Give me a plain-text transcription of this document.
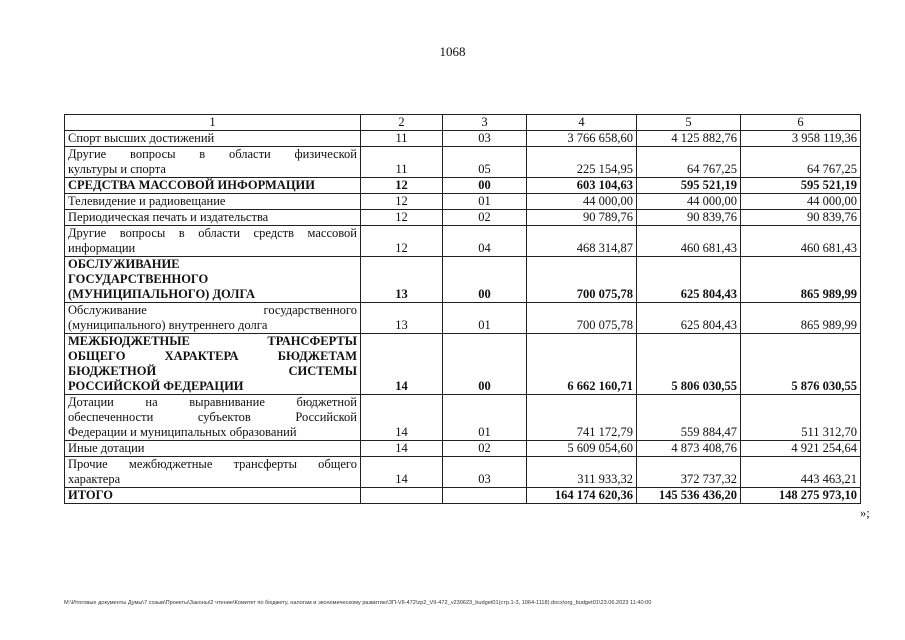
1068
1	2	3	4	5	6

Спорт высших достижений	11	03	3 766 658,60	4 125 882,76	3 958 119,36

Другие вопросы в области физической
культуры и спорта	11	05	225 154,95	64 767,25	64 767,25

СРЕДСТВА МАССОВОЙ ИНФОРМАЦИИ	12	00	603 104,63	595 521,19	595 521,19

Телевидение и радиовещание	12	01	44 000,00	44 000,00	44 000,00

Периодическая печать и издательства	12	02	90 789,76	90 839,76	90 839,76

Другие вопросы в области средств массовой
информации	12	04	468 314,87	460 681,43	460 681,43

ОБСЛУЖИВАНИЕ
ГОСУДАРСТВЕННОГО
(МУНИЦИПАЛЬНОГО) ДОЛГА	13	00	700 075,78	625 804,43	865 989,99

Обслуживание государственного
(муниципального) внутреннего долга	13	01	700 075,78	625 804,43	865 989,99

МЕЖБЮДЖЕТНЫЕ ТРАНСФЕРТЫ
ОБЩЕГО ХАРАКТЕРА БЮДЖЕТАМ
БЮДЖЕТНОЙ СИСТЕМЫ
РОССИЙСКОЙ ФЕДЕРАЦИИ	14	00	6 662 160,71	5 806 030,55	5 876 030,55

Дотации на выравнивание бюджетной
обеспеченности субъектов Российской
Федерации и муниципальных образований	14	01	741 172,79	559 884,47	511 312,70

Иные дотации	14	02	5 609 054,60	4 873 408,76	4 921 254,64

Прочие межбюджетные трансферты общего
характера	14	03	311 933,32	372 737,32	443 463,21

ИТОГО			164 174 620,36	145 536 436,20	148 275 973,10
»;
M:\Итоговые документы Думы\7 созыв\Проекты\Законы\2 чтение\Комитет по бюджету, налогам и экономическому развитию\ЗП-VII-472\zp2_VII-472_v230623_budget01(стр.1-3, 1064-1118).docx\org_budget01\23.06.2023 11:40:00
